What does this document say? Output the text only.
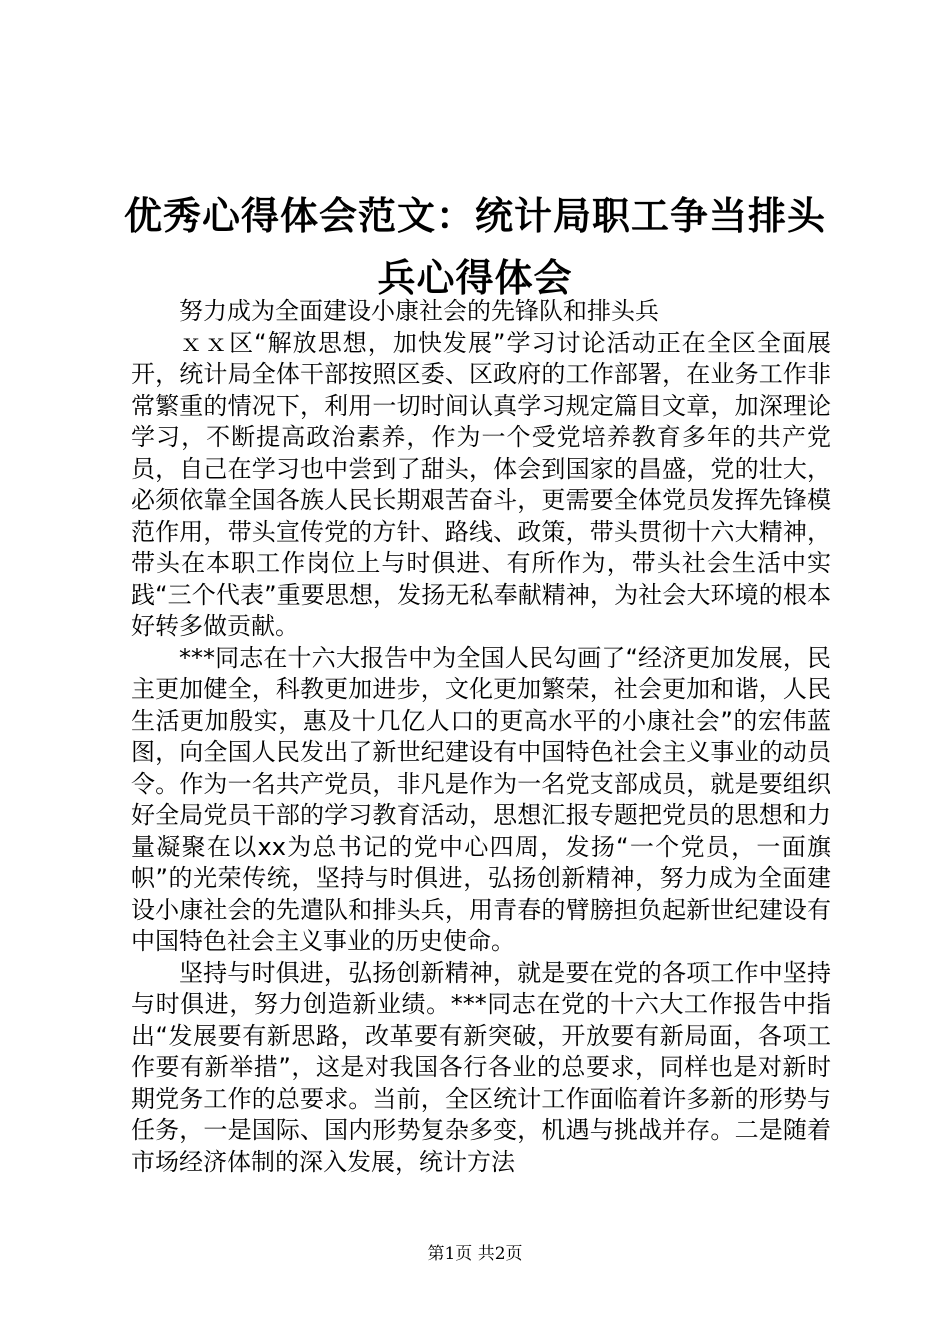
优秀心得体会范文：统计局职工争当排头兵心得体会

努力成为全面建设小康社会的先锋队和排头兵

ｘｘ区“解放思想，加快发展”学习讨论活动正在全区全面展开，统计局全体干部按照区委、区政府的工作部署，在业务工作非常繁重的情况下，利用一切时间认真学习规定篇目文章，加深理论学习，不断提高政治素养，作为一个受党培养教育多年的共产党员，自己在学习也中尝到了甜头，体会到国家的昌盛，党的壮大，必须依靠全国各族人民长期艰苦奋斗，更需要全体党员发挥先锋模范作用，带头宣传党的方针、路线、政策，带头贯彻十六大精神，带头在本职工作岗位上与时俱进、有所作为，带头社会生活中实践“三个代表”重要思想，发扬无私奉献精神，为社会大环境的根本好转多做贡献。

***同志在十六大报告中为全国人民勾画了“经济更加发展，民主更加健全，科教更加进步，文化更加繁荣，社会更加和谐，人民生活更加殷实，惠及十几亿人口的更高水平的小康社会”的宏伟蓝图，向全国人民发出了新世纪建设有中国特色社会主义事业的动员令。作为一名共产党员，非凡是作为一名党支部成员，就是要组织好全局党员干部的学习教育活动，思想汇报专题把党员的思想和力量凝聚在以xx为总书记的党中心四周，发扬“一个党员，一面旗帜”的光荣传统，坚持与时俱进，弘扬创新精神，努力成为全面建设小康社会的先遣队和排头兵，用青春的臂膀担负起新世纪建设有中国特色社会主义事业的历史使命。

坚持与时俱进，弘扬创新精神，就是要在党的各项工作中坚持与时俱进，努力创造新业绩。***同志在党的十六大工作报告中指出“发展要有新思路，改革要有新突破，开放要有新局面，各项工作要有新举措”，这是对我国各行各业的总要求，同样也是对新时期党务工作的总要求。当前，全区统计工作面临着许多新的形势与任务，一是国际、国内形势复杂多变，机遇与挑战并存。二是随着市场经济体制的深入发展，统计方法

第1页 共2页
